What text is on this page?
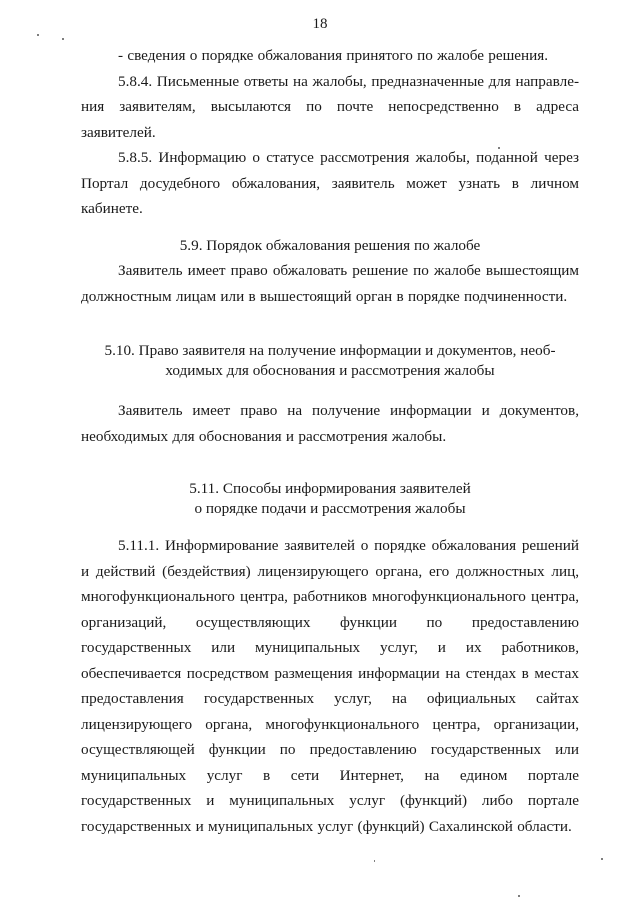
18

- сведения о порядке обжалования принятого по жалобе решения.

5.8.4. Письменные ответы на жалобы, предназначенные для направления заявителям, высылаются по почте непосредственно в адреса заявителей.

5.8.5. Информацию о статусе рассмотрения жалобы, поданной через Портал досудебного обжалования, заявитель может узнать в личном кабинете.

5.9. Порядок обжалования решения по жалобе

Заявитель имеет право обжаловать решение по жалобе вышестоящим должностным лицам или в вышестоящий орган в порядке подчиненности.

5.10. Право заявителя на получение информации и документов, необ-
ходимых для обоснования и рассмотрения жалобы

Заявитель имеет право на получение информации и документов, необходимых для обоснования и рассмотрения жалобы.

5.11. Способы информирования заявителей
о порядке подачи и рассмотрения жалобы

5.11.1. Информирование заявителей о порядке обжалования решений и действий (бездействия) лицензирующего органа, его должностных лиц, многофункционального центра, работников многофункционального центра, организаций, осуществляющих функции по предоставлению государственных или муниципальных услуг, и их работников, обеспечивается посредством размещения информации на стендах в местах предоставления государственных услуг, на официальных сайтах лицензирующего органа, многофункционального центра, организации, осуществляющей функции по предоставлению государственных или муниципальных услуг в сети Интернет, на едином портале государственных и муниципальных услуг (функций) либо портале государственных и муниципальных услуг (функций) Сахалинской области.
